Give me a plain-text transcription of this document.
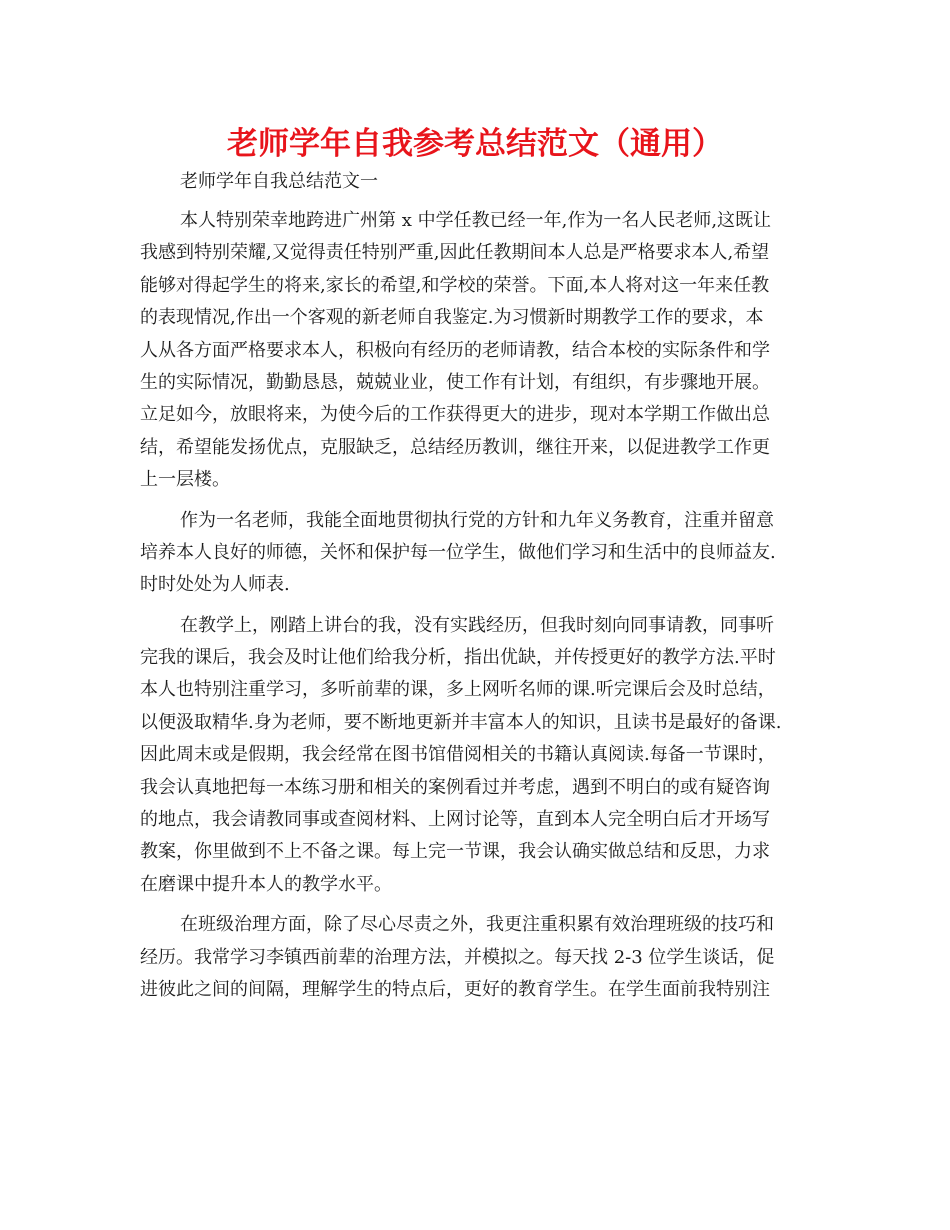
老师学年自我参考总结范文（通用）

老师学年自我总结范文一

本人特别荣幸地跨进广州第 x 中学任教已经一年,作为一名人民老师,这既让
我感到特别荣耀,又觉得责任特别严重,因此任教期间本人总是严格要求本人,希望
能够对得起学生的将来,家长的希望,和学校的荣誉。下面,本人将对这一年来任教
的表现情况,作出一个客观的新老师自我鉴定.为习惯新时期教学工作的要求，本
人从各方面严格要求本人，积极向有经历的老师请教，结合本校的实际条件和学
生的实际情况，勤勤恳恳，兢兢业业，使工作有计划，有组织，有步骤地开展。
立足如今，放眼将来，为使今后的工作获得更大的进步，现对本学期工作做出总
结，希望能发扬优点，克服缺乏，总结经历教训，继往开来，以促进教学工作更
上一层楼。

作为一名老师，我能全面地贯彻执行党的方针和九年义务教育，注重并留意
培养本人良好的师德，关怀和保护每一位学生，做他们学习和生活中的良师益友.
时时处处为人师表.

在教学上，刚踏上讲台的我，没有实践经历，但我时刻向同事请教，同事听
完我的课后，我会及时让他们给我分析，指出优缺，并传授更好的教学方法.平时
本人也特别注重学习，多听前辈的课，多上网听名师的课.听完课后会及时总结，
以便汲取精华.身为老师，要不断地更新并丰富本人的知识，且读书是最好的备课.
因此周末或是假期，我会经常在图书馆借阅相关的书籍认真阅读.每备一节课时，
我会认真地把每一本练习册和相关的案例看过并考虑，遇到不明白的或有疑咨询
的地点，我会请教同事或查阅材料、上网讨论等，直到本人完全明白后才开场写
教案，你里做到不上不备之课。每上完一节课，我会认确实做总结和反思，力求
在磨课中提升本人的教学水平。

在班级治理方面，除了尽心尽责之外，我更注重积累有效治理班级的技巧和
经历。我常学习李镇西前辈的治理方法，并模拟之。每天找 2-3 位学生谈话，促
进彼此之间的间隔，理解学生的特点后，更好的教育学生。在学生面前我特别注
